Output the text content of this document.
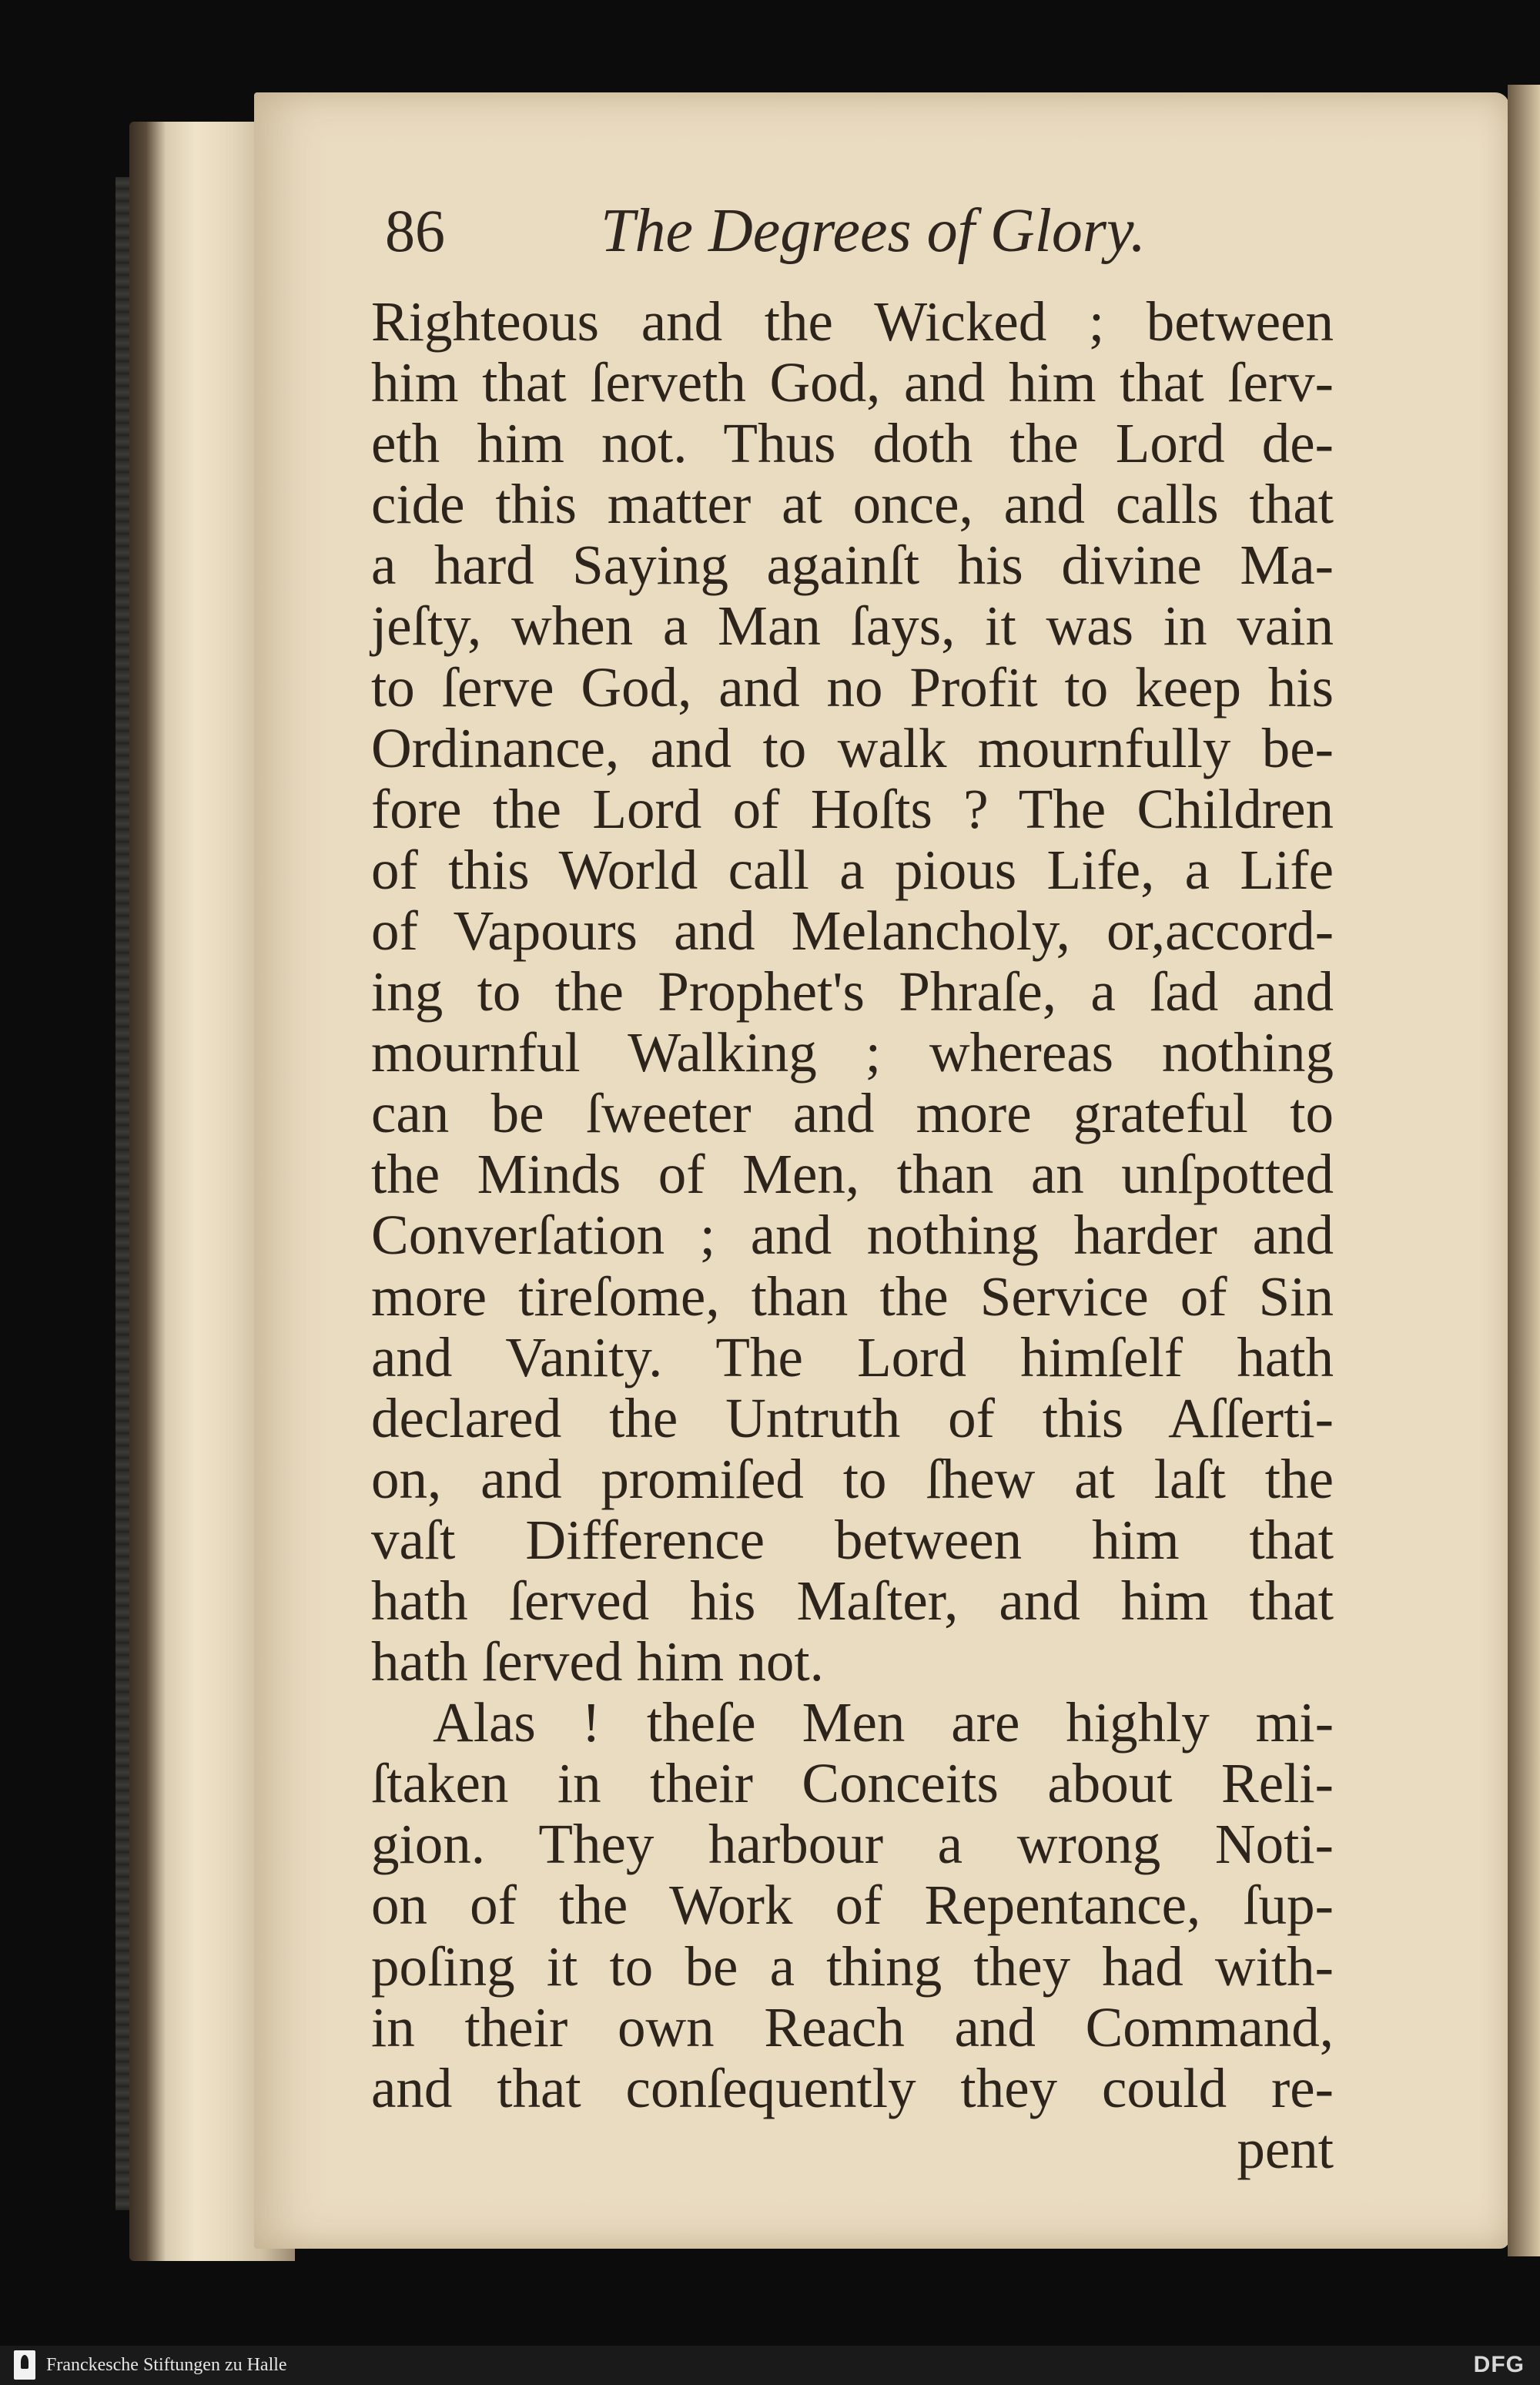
86	The Degrees of Glory.
Righteous and the Wicked ; between
him that ſerveth God, and him that ſerv-
eth him not. Thus doth the Lord de-
cide this matter at once, and calls that
a hard Saying againſt his divine Ma-
jeſty, when a Man ſays, it was in vain
to ſerve God, and no Profit to keep his
Ordinance, and to walk mournfully be-
fore the Lord of Hoſts ? The Children
of this World call a pious Life, a Life
of Vapours and Melancholy, or,accord-
ing to the Prophet's Phraſe, a ſad and
mournful Walking ; whereas nothing
can be ſweeter and more grateful to
the Minds of Men, than an unſpotted
Converſation ; and nothing harder and
more tireſome, than the Service of Sin
and Vanity. The Lord himſelf hath
declared the Untruth of this Aſſerti-
on, and promiſed to ſhew at laſt the
vaſt Difference between him that
hath ſerved his Maſter, and him that
hath ſerved him not.
Alas ! theſe Men are highly mi-
ſtaken in their Conceits about Reli-
gion. They harbour a wrong Noti-
on of the Work of Repentance, ſup-
poſing it to be a thing they had with-
in their own Reach and Command,
and that conſequently they could re-
pent
Franckesche Stiftungen zu Halle	DFG
